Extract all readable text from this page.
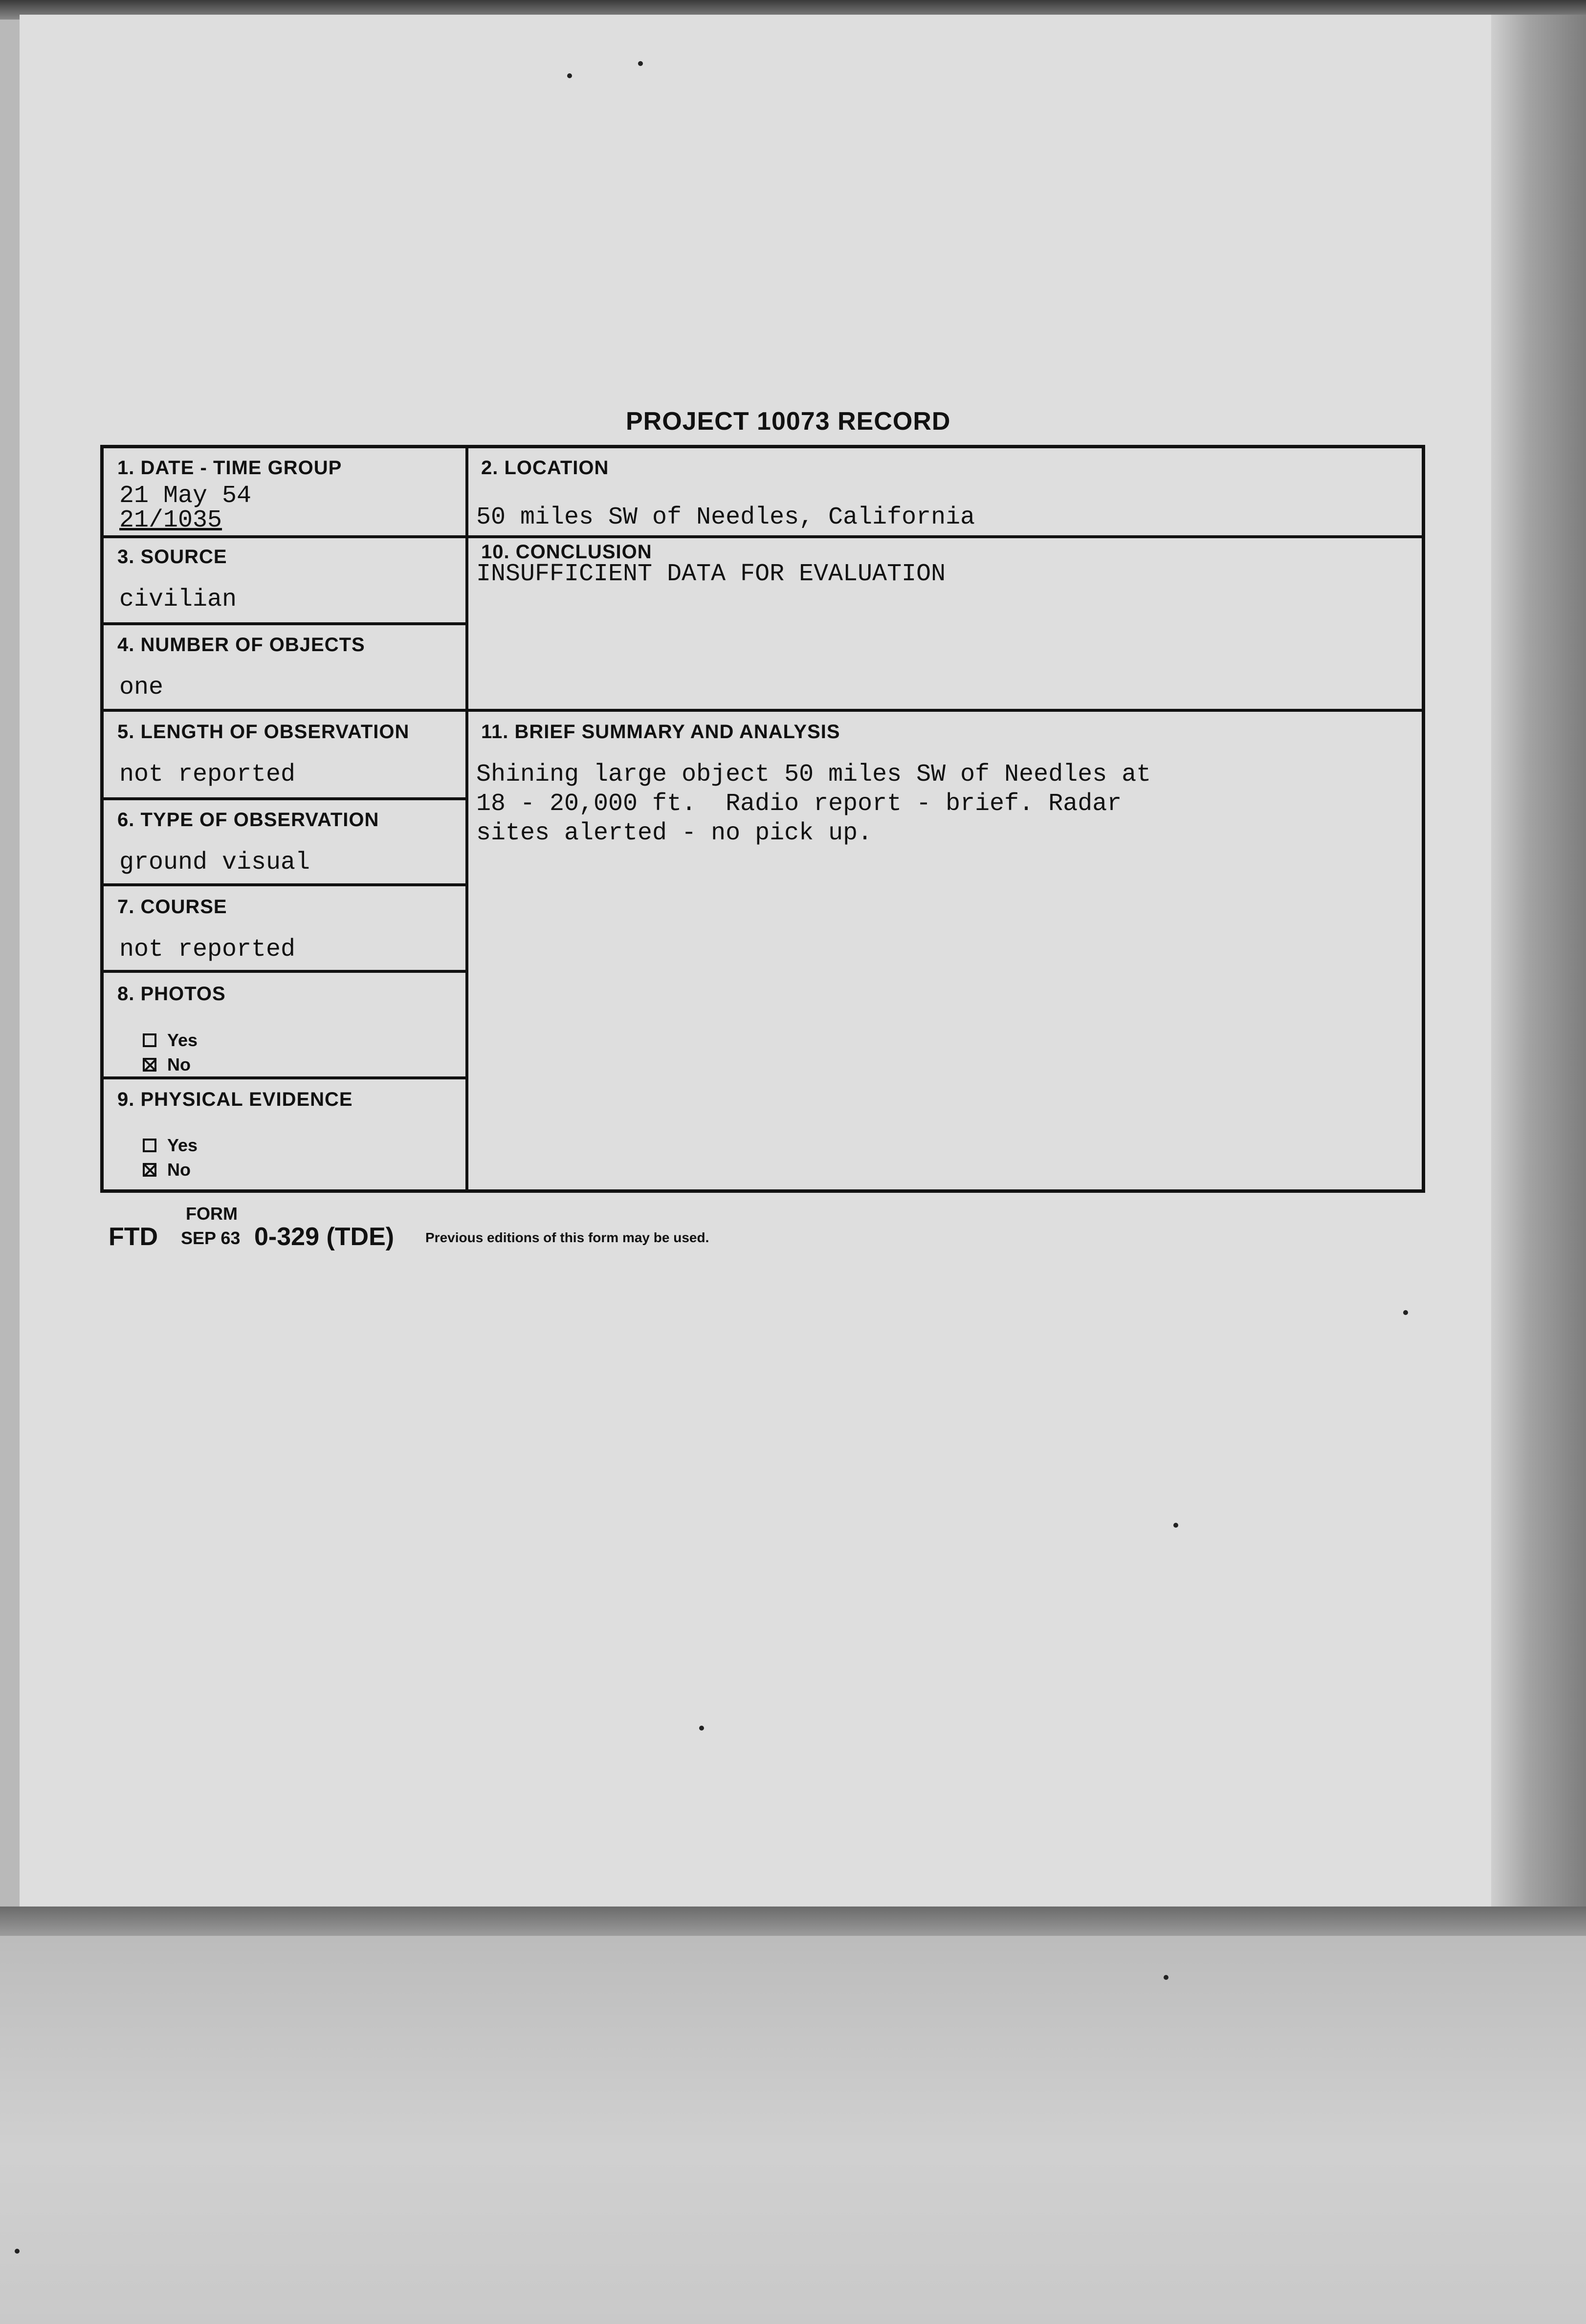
PROJECT 10073 RECORD
1. DATE - TIME GROUP
21 May 54
21/1035
2. LOCATION
50 miles SW of Needles, California
3. SOURCE
civilian
10. CONCLUSION
INSUFFICIENT DATA FOR EVALUATION
4. NUMBER OF OBJECTS
one
5. LENGTH OF OBSERVATION
not reported
11. BRIEF SUMMARY AND ANALYSIS
Shining large object 50 miles SW of Needles at
18 - 20,000 ft.  Radio report - brief. Radar
sites alerted - no pick up.
6. TYPE OF OBSERVATION
ground visual
7. COURSE
not reported
8. PHOTOS
Yes
No
9. PHYSICAL EVIDENCE
Yes
No
FORM
FTD SEP 63 0-329 (TDE) Previous editions of this form may be used.
